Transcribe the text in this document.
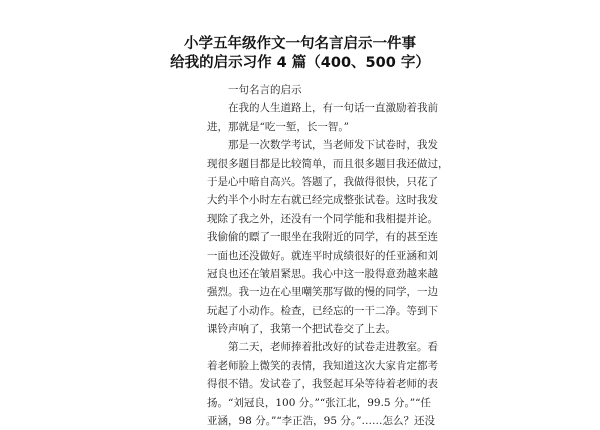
小学五年级作文一句名言启示一件事
给我的启示习作 4 篇（400、500 字）
一句名言的启示
在我的人生道路上，有一句话一直激励着我前
进，那就是“吃一堑，长一智。”
那是一次数学考试，当老师发下试卷时，我发
现很多题目都是比较简单，而且很多题目我还做过，
于是心中暗自高兴。答题了，我做得很快，只花了
大约半个小时左右就已经完成整张试卷。这时我发
现除了我之外，还没有一个同学能和我相提并论。
我偷偷的瞟了一眼坐在我附近的同学，有的甚至连
一面也还没做好。就连平时成绩很好的任亚涵和刘
冠良也还在皱眉紧思。我心中这一股得意劲越来越
强烈。我一边在心里嘲笑那写做的慢的同学，一边
玩起了小动作。检查，已经忘的一干二净。等到下
课铃声响了，我第一个把试卷交了上去。
第二天，老师捧着批改好的试卷走进教室。看
着老师脸上微笑的表情，我知道这次大家肯定都考
得很不错。发试卷了，我竖起耳朵等待着老师的表
扬。“刘冠良，100 分。”“张江北，99.5 分。”“任
亚涵，98 分。”“李正浩，95 分。”……怎么？还没
